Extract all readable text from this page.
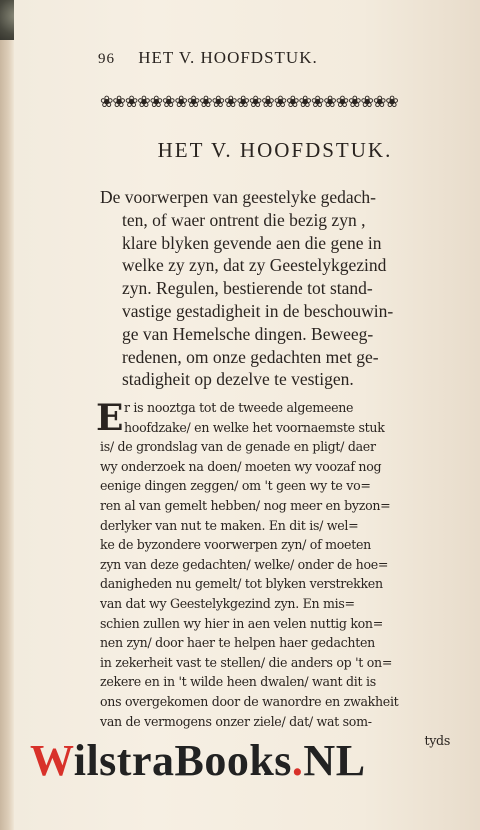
96 HET V. HOOFDSTUK.
❀❀❀❀❀❀❀❀❀❀❀❀❀❀❀❀❀❀❀❀❀❀❀❀
HET V. HOOFDSTUK.
De voorwerpen van geestelyke gedach-
ten, of waer ontrent die bezig zyn ,
klare blyken gevende aen die gene in
welke zy zyn, dat zy Geestelykgezind
zyn. Regulen, bestierende tot stand-
vastige gestadigheit in de beschouwin-
ge van Hemelsche dingen. Beweeg-
redenen, om onze gedachten met ge-
stadigheit op dezelve te vestigen.
E r is nooztga tot de tweede algemeene
hoofdzake/ en welke het voornaemste stuk
is/ de grondslag van de genade en pligt/ daer
wy onderzoek na doen/ moeten wy voozaf nog
eenige dingen zeggen/ om 't geen wy te vo=
ren al van gemelt hebben/ nog meer en byzon=
derlyker van nut te maken. En dit is/ wel=
ke de byzondere voorwerpen zyn/ of moeten
zyn van deze gedachten/ welke/ onder de hoe=
danigheden nu gemelt/ tot blyken verstrekken
van dat wy Geestelykgezind zyn. En mis=
schien zullen wy hier in aen velen nuttig kon=
nen zyn/ door haer te helpen haer gedachten
in zekerheit vast te stellen/ die anders op 't on=
zekere en in 't wilde heen dwalen/ want dit is
ons overgekomen door de wanordre en zwakheit
van de vermogens onzer ziele/ dat/ wat som-
tyds
WilstraBooks.NL
